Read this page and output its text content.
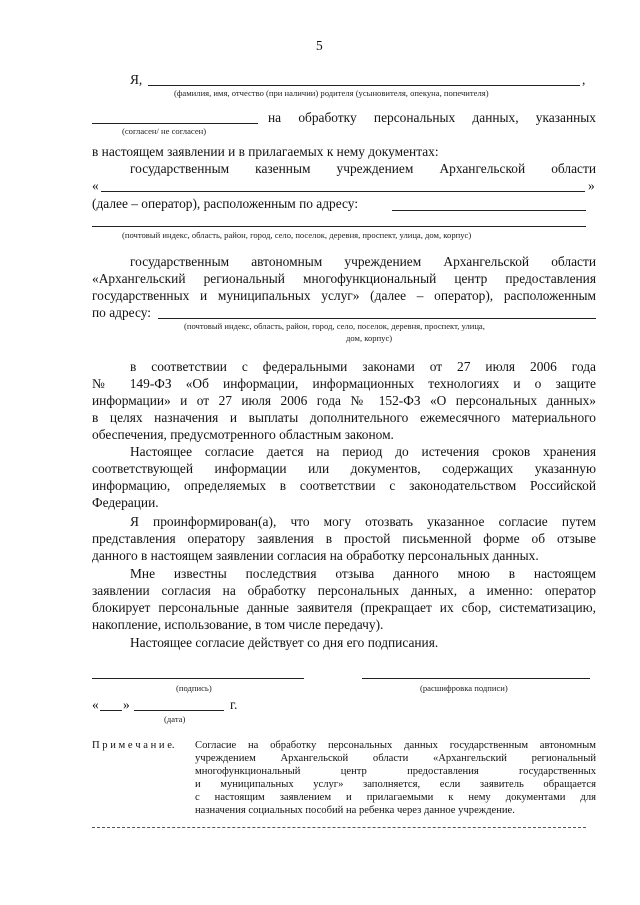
5
Я,	,
(фамилия, имя, отчество (при наличии) родителя (усыновителя, опекуна, попечителя)
на обработку персональных данных, указанных
(согласен/ не согласен)
в настоящем заявлении и в прилагаемых к нему документах:
государственным казенным учреждением Архангельской области
«	»
(далее – оператор), расположенным по адресу:
(почтовый индекс, область, район, город, село, поселок, деревня, проспект, улица, дом, корпус)
государственным автономным учреждением Архангельской области
«Архангельский региональный многофункциональный центр предоставления
государственных и муниципальных услуг» (далее – оператор), расположенным
по адресу:
(почтовый индекс, область, район, город, село, поселок, деревня, проспект, улица,
дом, корпус)
в соответствии с федеральными законами от 27 июля 2006 года
№ 149-ФЗ «Об информации, информационных технологиях и о защите
информации» и от 27 июля 2006 года № 152-ФЗ «О персональных данных»
в целях назначения и выплаты дополнительного ежемесячного материального
обеспечения, предусмотренного областным законом.
Настоящее согласие дается на период до истечения сроков хранения
соответствующей информации или документов, содержащих указанную
информацию, определяемых в соответствии с законодательством Российской
Федерации.
Я проинформирован(а), что могу отозвать указанное согласие путем
представления оператору заявления в простой письменной форме об отзыве
данного в настоящем заявлении согласия на обработку персональных данных.
Мне известны последствия отзыва данного мною в настоящем
заявлении согласия на обработку персональных данных, а именно: оператор
блокирует персональные данные заявителя (прекращает их сбор, систематизацию,
накопление, использование, в том числе передачу).
Настоящее согласие действует со дня его подписания.
(подпись)	(расшифровка подписи)
« »	г.
(дата)
П р и м е ч а н и е. Согласие на обработку персональных данных государственным автономным
учреждением Архангельской области «Архангельский региональный
многофункциональный центр предоставления государственных
и муниципальных услуг» заполняется, если заявитель обращается
с настоящим заявлением и прилагаемыми к нему документами для
назначения социальных пособий на ребенка через данное учреждение.
